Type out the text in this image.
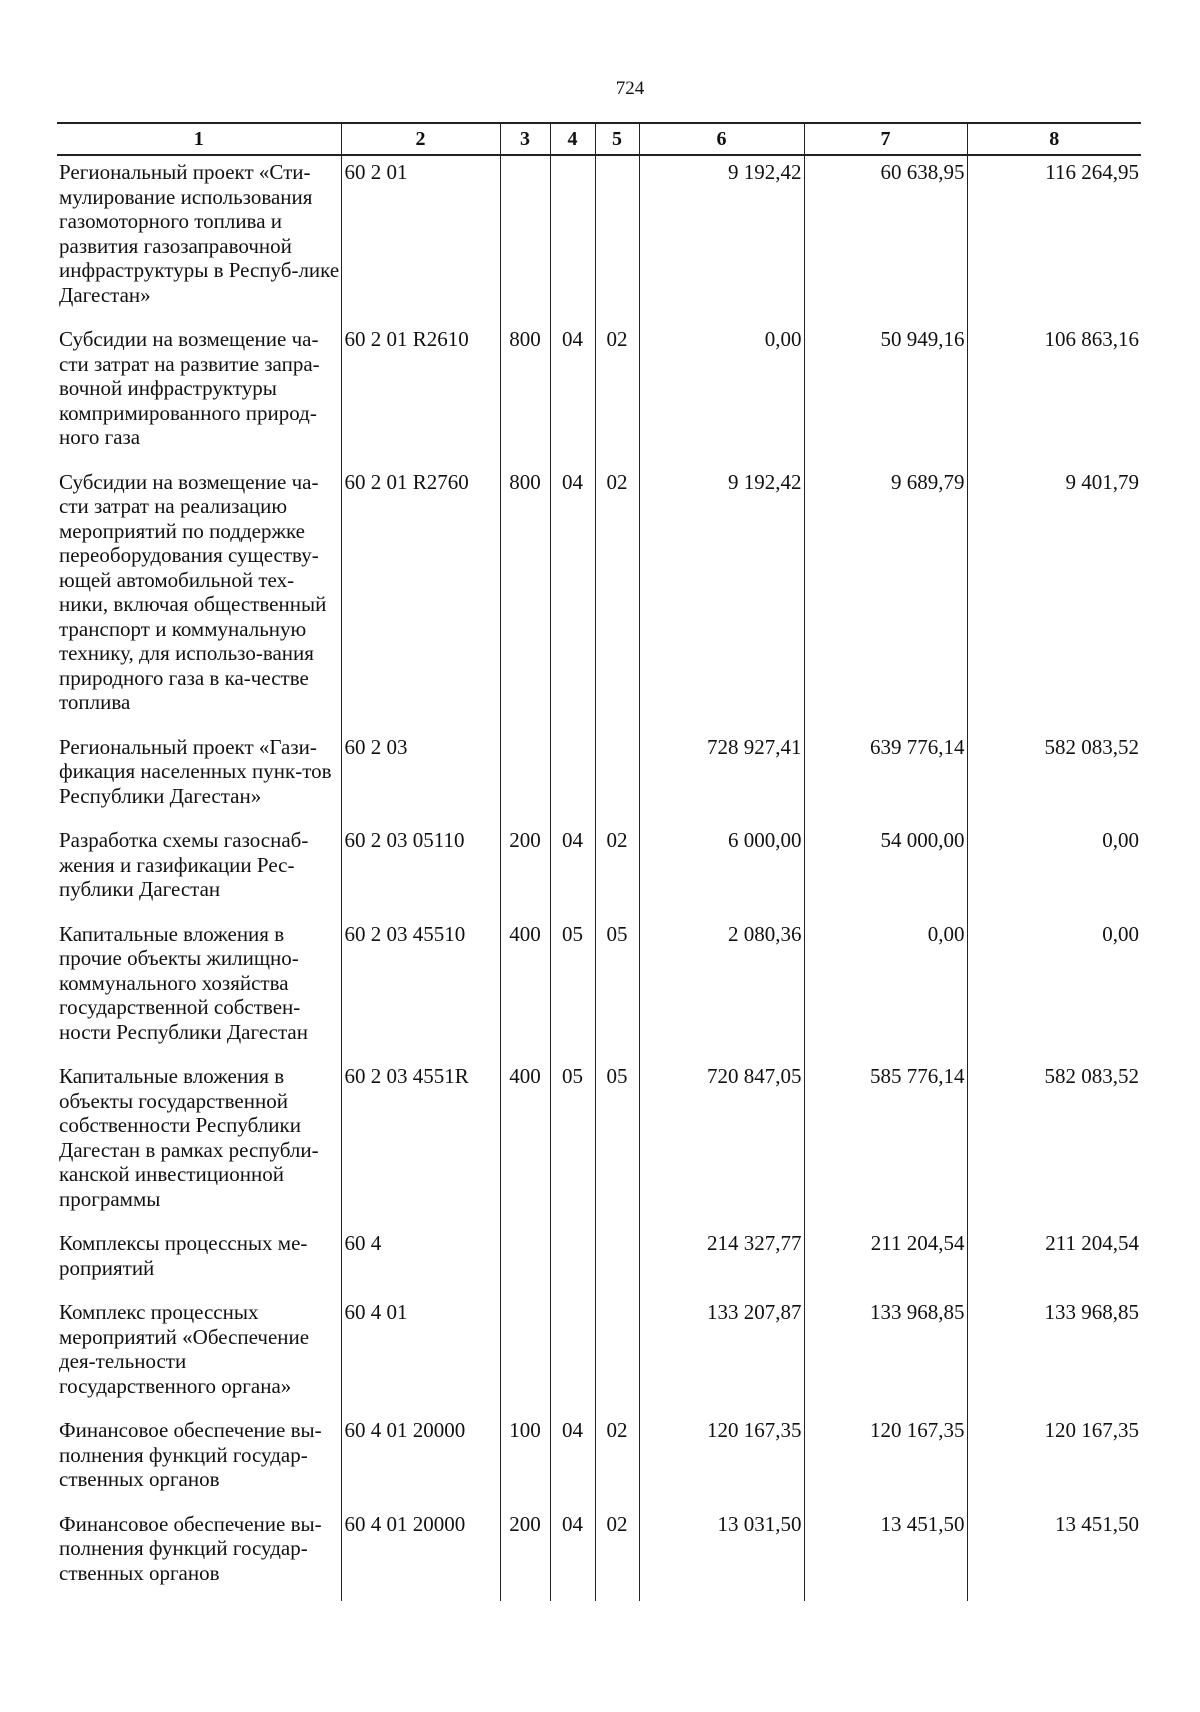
724
1	2	3	4	5	6	7	8
Региональный проект «Сти-мулирование использования газомоторного топлива и развития газозаправочной инфраструктуры в Респуб-лике Дагестан»	60 2 01				9 192,42	60 638,95	116 264,95
Субсидии на возмещение ча-сти затрат на развитие запра-вочной инфраструктуры компримированного природ-ного газа	60 2 01 R2610	800	04	02	0,00	50 949,16	106 863,16
Субсидии на возмещение ча-сти затрат на реализацию мероприятий по поддержке переоборудования существу-ющей автомобильной тех-ники, включая общественный транспорт и коммунальную технику, для использо-вания природного газа в ка-честве топлива	60 2 01 R2760	800	04	02	9 192,42	9 689,79	9 401,79
Региональный проект «Гази-фикация населенных пунк-тов Республики Дагестан»	60 2 03				728 927,41	639 776,14	582 083,52
Разработка схемы газоснаб-жения и газификации Рес-публики Дагестан	60 2 03 05110	200	04	02	6 000,00	54 000,00	0,00
Капитальные вложения в прочие объекты жилищно-коммунального хозяйства государственной собствен-ности Республики Дагестан	60 2 03 45510	400	05	05	2 080,36	0,00	0,00
Капитальные вложения в объекты государственной собственности Республики Дагестан в рамках республи-канской инвестиционной программы	60 2 03 4551R	400	05	05	720 847,05	585 776,14	582 083,52
Комплексы процессных ме-роприятий	60 4				214 327,77	211 204,54	211 204,54
Комплекс процессных мероприятий «Обеспечение дея-тельности государственного органа»	60 4 01				133 207,87	133 968,85	133 968,85
Финансовое обеспечение вы-полнения функций государ-ственных органов	60 4 01 20000	100	04	02	120 167,35	120 167,35	120 167,35
Финансовое обеспечение вы-полнения функций государ-ственных органов	60 4 01 20000	200	04	02	13 031,50	13 451,50	13 451,50
